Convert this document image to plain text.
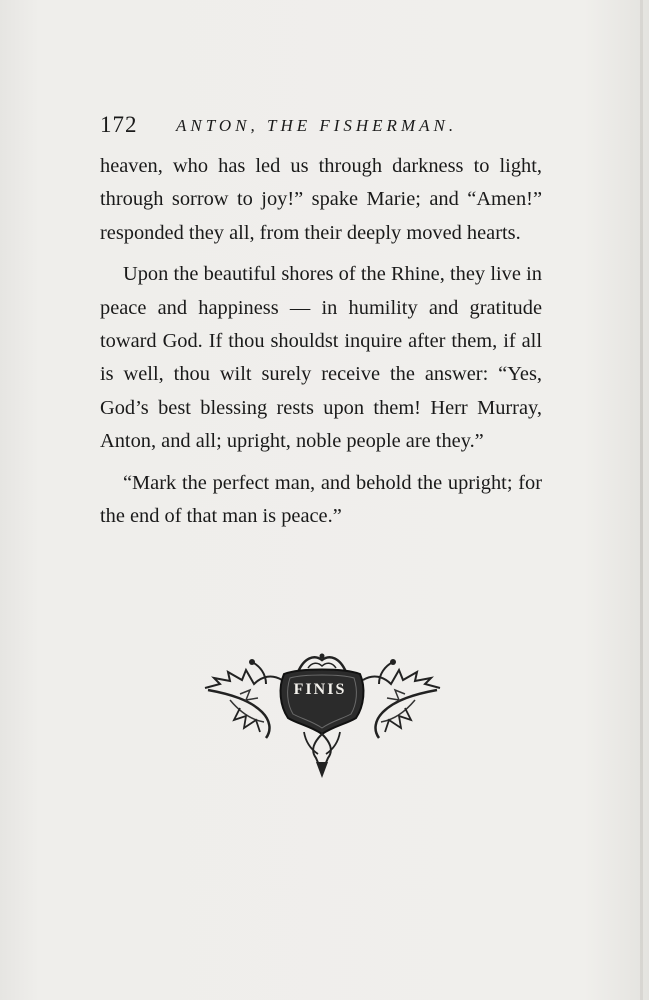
172 ANTON, THE FISHERMAN.

heaven, who has led us through darkness to light, through sorrow to joy!” spake Marie; and “Amen!” responded they all, from their deeply moved hearts.

Upon the beautiful shores of the Rhine, they live in peace and happiness — in humility and gratitude toward God. If thou shouldst inquire after them, if all is well, thou wilt surely receive the answer: “Yes, God’s best blessing rests upon them! Herr Murray, Anton, and all; upright, noble people are they.”

“Mark the perfect man, and behold the upright; for the end of that man is peace.”

FINIS
